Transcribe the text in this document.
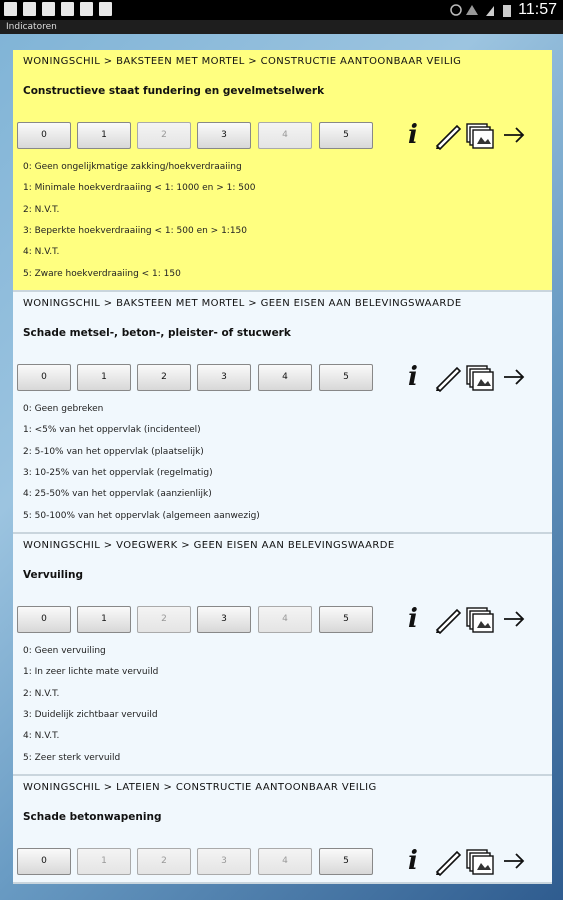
11:57
Indicatoren
WONINGSCHIL > BAKSTEEN MET MORTEL > CONSTRUCTIE AANTOONBAAR VEILIG
Constructieve staat fundering en gevelmetselwerk
0	1	2	3	4	5	i
0: Geen ongelijkmatige zakking/hoekverdraaiing
1: Minimale hoekverdraaiing < 1: 1000 en > 1: 500
2: N.V.T.
3: Beperkte hoekverdraaiing < 1: 500 en > 1:150
4: N.V.T.
5: Zware hoekverdraaiing < 1: 150
WONINGSCHIL > BAKSTEEN MET MORTEL > GEEN EISEN AAN BELEVINGSWAARDE
Schade metsel-, beton-, pleister- of stucwerk
0	1	2	3	4	5	i
0: Geen gebreken
1: <5% van het oppervlak (incidenteel)
2: 5-10% van het oppervlak (plaatselijk)
3: 10-25% van het oppervlak (regelmatig)
4: 25-50% van het oppervlak (aanzienlijk)
5: 50-100% van het oppervlak (algemeen aanwezig)
WONINGSCHIL > VOEGWERK > GEEN EISEN AAN BELEVINGSWAARDE
Vervuiling
0	1	2	3	4	5	i
0: Geen vervuiling
1: In zeer lichte mate vervuild
2: N.V.T.
3: Duidelijk zichtbaar vervuild
4: N.V.T.
5: Zeer sterk vervuild
WONINGSCHIL > LATEIEN > CONSTRUCTIE AANTOONBAAR VEILIG
Schade betonwapening
0	1	2	3	4	5	i
